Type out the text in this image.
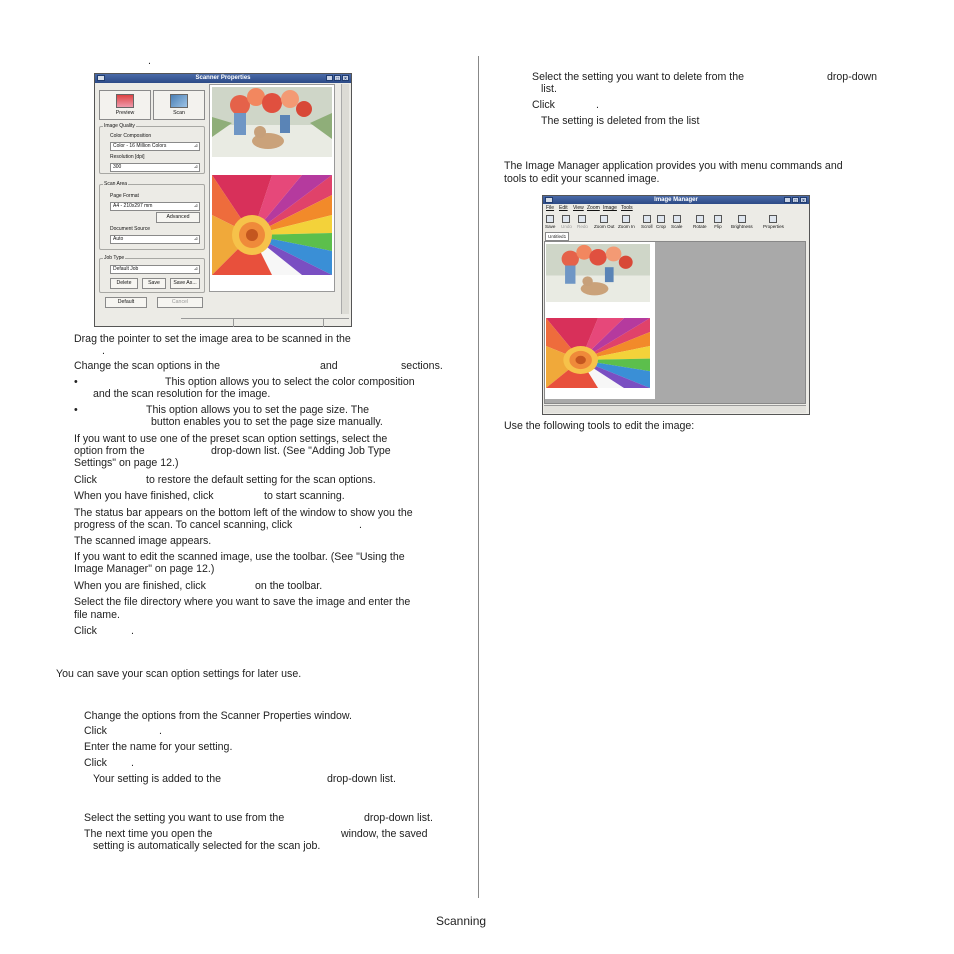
.
Scanner Properties	_	□	×
Preview	Scan
Image Quality
Color Composition
Color - 16 Million Colors	⊿
Resolution [dpi]
300	⊿
Scan Area
Page Format
A4 - 210x297 mm	⊿
Advanced
Document Source
Auto	⊿
Job Type
Default Job	⊿
Delete	Save	Save As...
Default	Cancel
Drag the pointer to set the image area to be scanned in the
.
Change the scan options in the	and	sections.
•	This option allows you to select the color composition
and the scan resolution for the image.
•	This option allows you to set the page size. The
button enables you to set the page size manually.
If you want to use one of the preset scan option settings, select the
option from the	drop-down list. (See "Adding Job Type
Settings" on page 12.)
Click	to restore the default setting for the scan options.
When you have finished, click	to start scanning.
The status bar appears on the bottom left of the window to show you the
progress of the scan. To cancel scanning, click	.
The scanned image appears.
If you want to edit the scanned image, use the toolbar. (See "Using the
Image Manager" on page 12.)
When you are finished, click	on the toolbar.
Select the file directory where you want to save the image and enter the
file name.
Click	.
You can save your scan option settings for later use.
Change the options from the Scanner Properties window.
Click	.
Enter the name for your setting.
Click .
Your setting is added to the	drop-down list.
Select the setting you want to use from the	drop-down list.
The next time you open the	window, the saved
setting is automatically selected for the scan job.
Select the setting you want to delete from the	drop-down
list.
Click	.
The setting is deleted from the list
The Image Manager application provides you with menu commands and
tools to edit your scanned image.
Image Manager	_	□	×
File Edit View Zoom Image Tools
Save Undo Redo Zoom Out Zoom In Scroll Crop Scale Rotate Flip Brightness Properties
Untitled1
Use the following tools to edit the image:
Scanning
